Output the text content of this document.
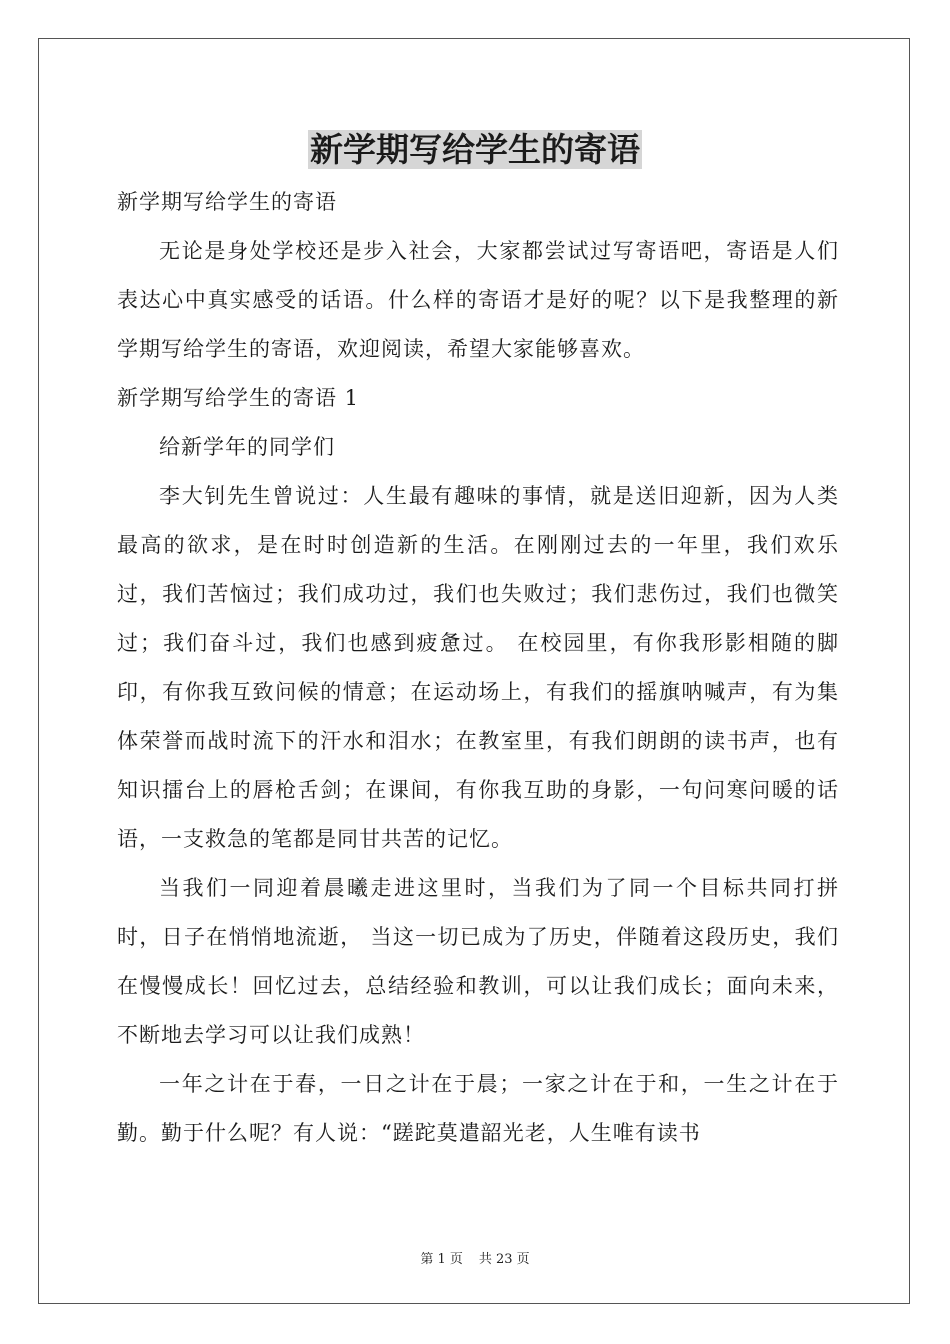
新学期写给学生的寄语

新学期写给学生的寄语

无论是身处学校还是步入社会，大家都尝试过写寄语吧，寄语是人们表达心中真实感受的话语。什么样的寄语才是好的呢？以下是我整理的新学期写给学生的寄语，欢迎阅读，希望大家能够喜欢。

新学期写给学生的寄语 1

给新学年的同学们

李大钊先生曾说过：人生最有趣味的事情，就是送旧迎新，因为人类最高的欲求，是在时时创造新的生活。在刚刚过去的一年里，我们欢乐过，我们苦恼过；我们成功过，我们也失败过；我们悲伤过，我们也微笑过；我们奋斗过，我们也感到疲惫过。 在校园里，有你我形影相随的脚印，有你我互致问候的情意；在运动场上，有我们的摇旗呐喊声，有为集体荣誉而战时流下的汗水和泪水；在教室里，有我们朗朗的读书声，也有知识擂台上的唇枪舌剑；在课间，有你我互助的身影，一句问寒问暖的话语，一支救急的笔都是同甘共苦的记忆。

当我们一同迎着晨曦走进这里时，当我们为了同一个目标共同打拼时，日子在悄悄地流逝， 当这一切已成为了历史，伴随着这段历史，我们在慢慢成长！回忆过去，总结经验和教训，可以让我们成长；面向未来，不断地去学习可以让我们成熟！

一年之计在于春，一日之计在于晨；一家之计在于和，一生之计在于勤。勤于什么呢？有人说：“蹉跎莫遣韶光老，人生唯有读书

第 1 页 共 23 页
